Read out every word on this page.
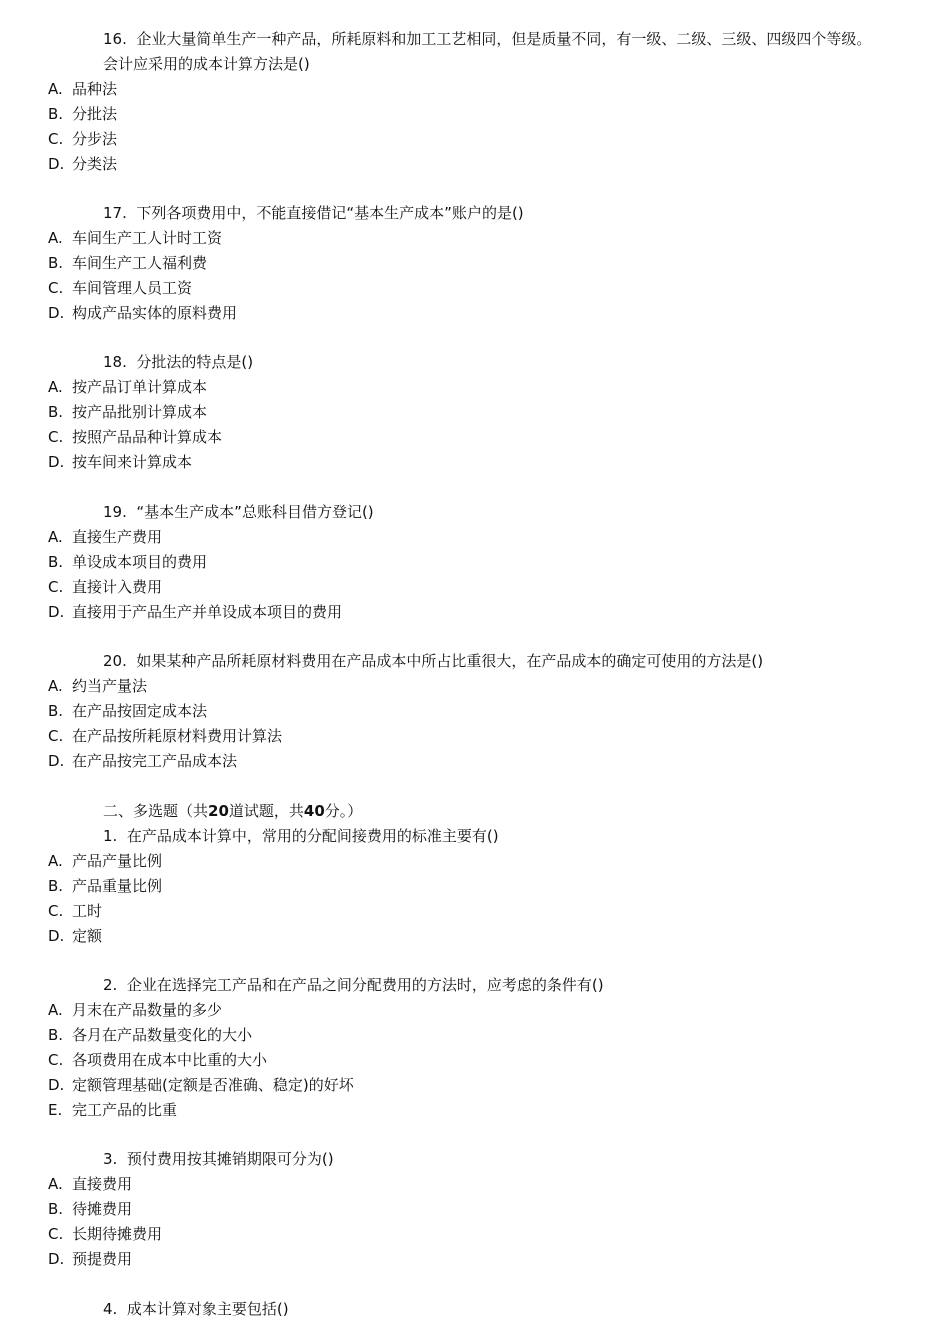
16. 企业大量简单生产一种产品，所耗原料和加工工艺相同，但是质量不同，有一级、二级、三级、四级四个等级。
会计应采用的成本计算方法是()
A. 品种法
B. 分批法
C. 分步法
D. 分类法
17. 下列各项费用中，不能直接借记“基本生产成本”账户的是()
A. 车间生产工人计时工资
B. 车间生产工人福利费
C. 车间管理人员工资
D. 构成产品实体的原料费用
18. 分批法的特点是()
A. 按产品订单计算成本
B. 按产品批别计算成本
C. 按照产品品种计算成本
D. 按车间来计算成本
19. “基本生产成本”总账科目借方登记()
A. 直接生产费用
B. 单设成本项目的费用
C. 直接计入费用
D. 直接用于产品生产并单设成本项目的费用
20. 如果某种产品所耗原材料费用在产品成本中所占比重很大，在产品成本的确定可使用的方法是()
A. 约当产量法
B. 在产品按固定成本法
C. 在产品按所耗原材料费用计算法
D. 在产品按完工产品成本法
二、多选题（共20道试题，共40分。）
1. 在产品成本计算中，常用的分配间接费用的标准主要有()
A. 产品产量比例
B. 产品重量比例
C. 工时
D. 定额
2. 企业在选择完工产品和在产品之间分配费用的方法时，应考虑的条件有()
A. 月末在产品数量的多少
B. 各月在产品数量变化的大小
C. 各项费用在成本中比重的大小
D. 定额管理基础(定额是否准确、稳定)的好坏
E. 完工产品的比重
3. 预付费用按其摊销期限可分为()
A. 直接费用
B. 待摊费用
C. 长期待摊费用
D. 预提费用
4. 成本计算对象主要包括()
